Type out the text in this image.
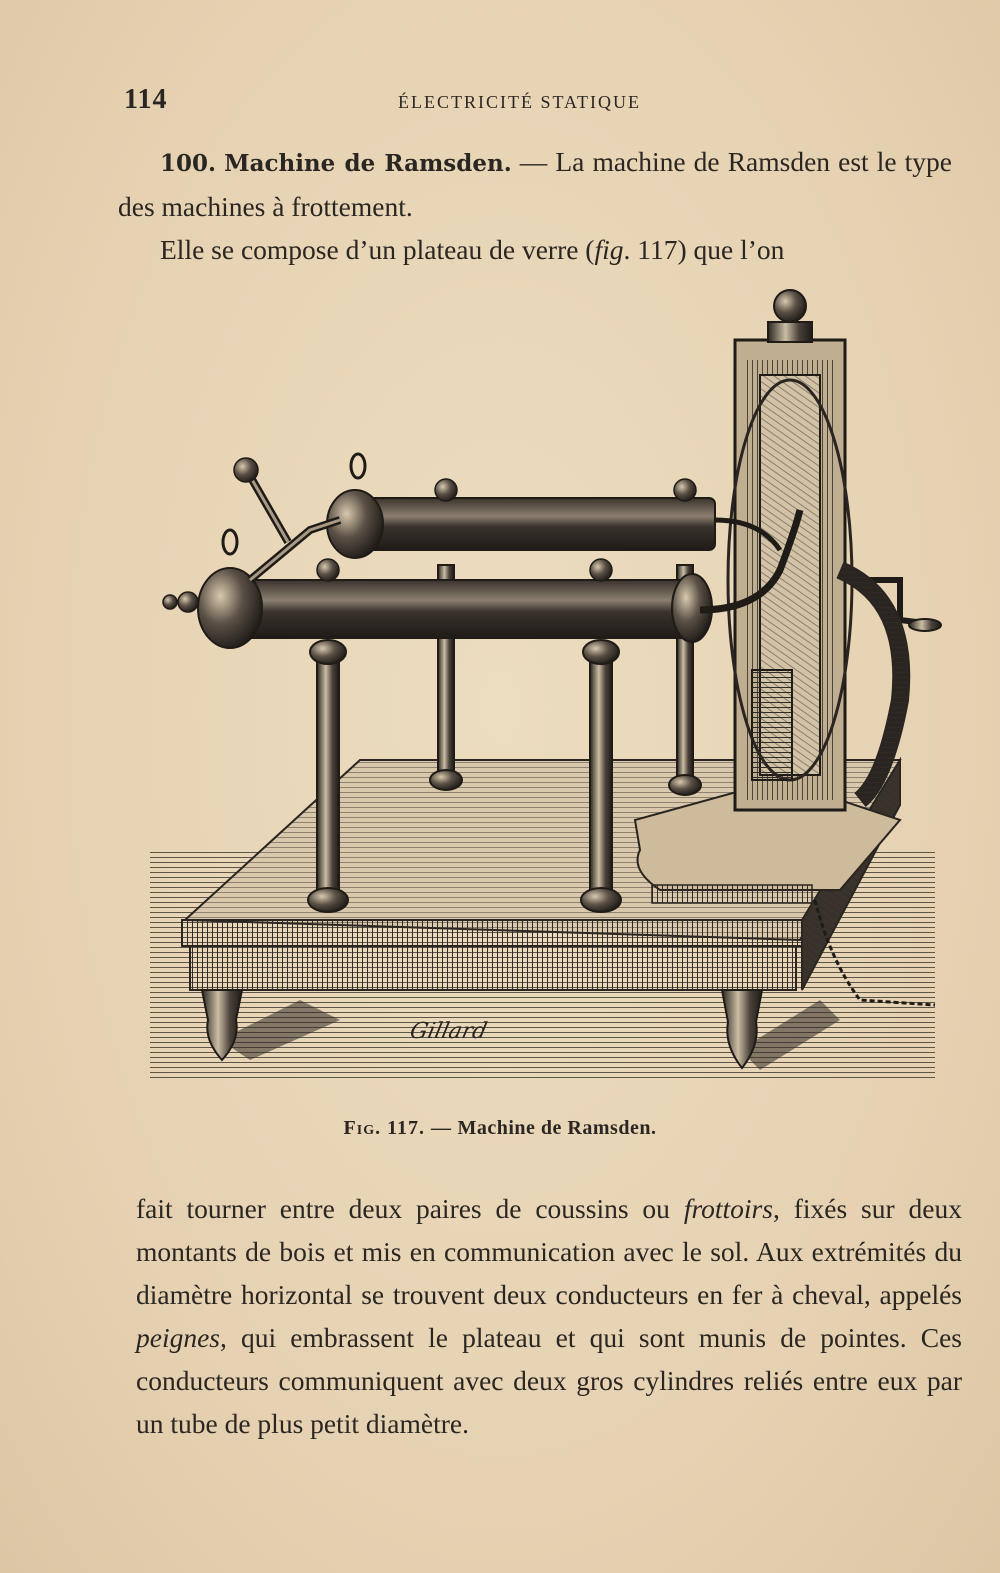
114	ÉLECTRICITÉ STATIQUE

100. Machine de Ramsden. — La machine de Ramsden est le type des machines à frottement.

Elle se compose d’un plateau de verre (fig. 117) que l’on

Gillard
Fig. 117. — Machine de Ramsden.

fait tourner entre deux paires de coussins ou frottoirs, fixés sur deux montants de bois et mis en communication avec le sol. Aux extrémités du diamètre horizontal se trouvent deux conducteurs en fer à cheval, appelés peignes, qui embrassent le plateau et qui sont munis de pointes. Ces conducteurs communiquent avec deux gros cylindres reliés entre eux par un tube de plus petit diamètre.
